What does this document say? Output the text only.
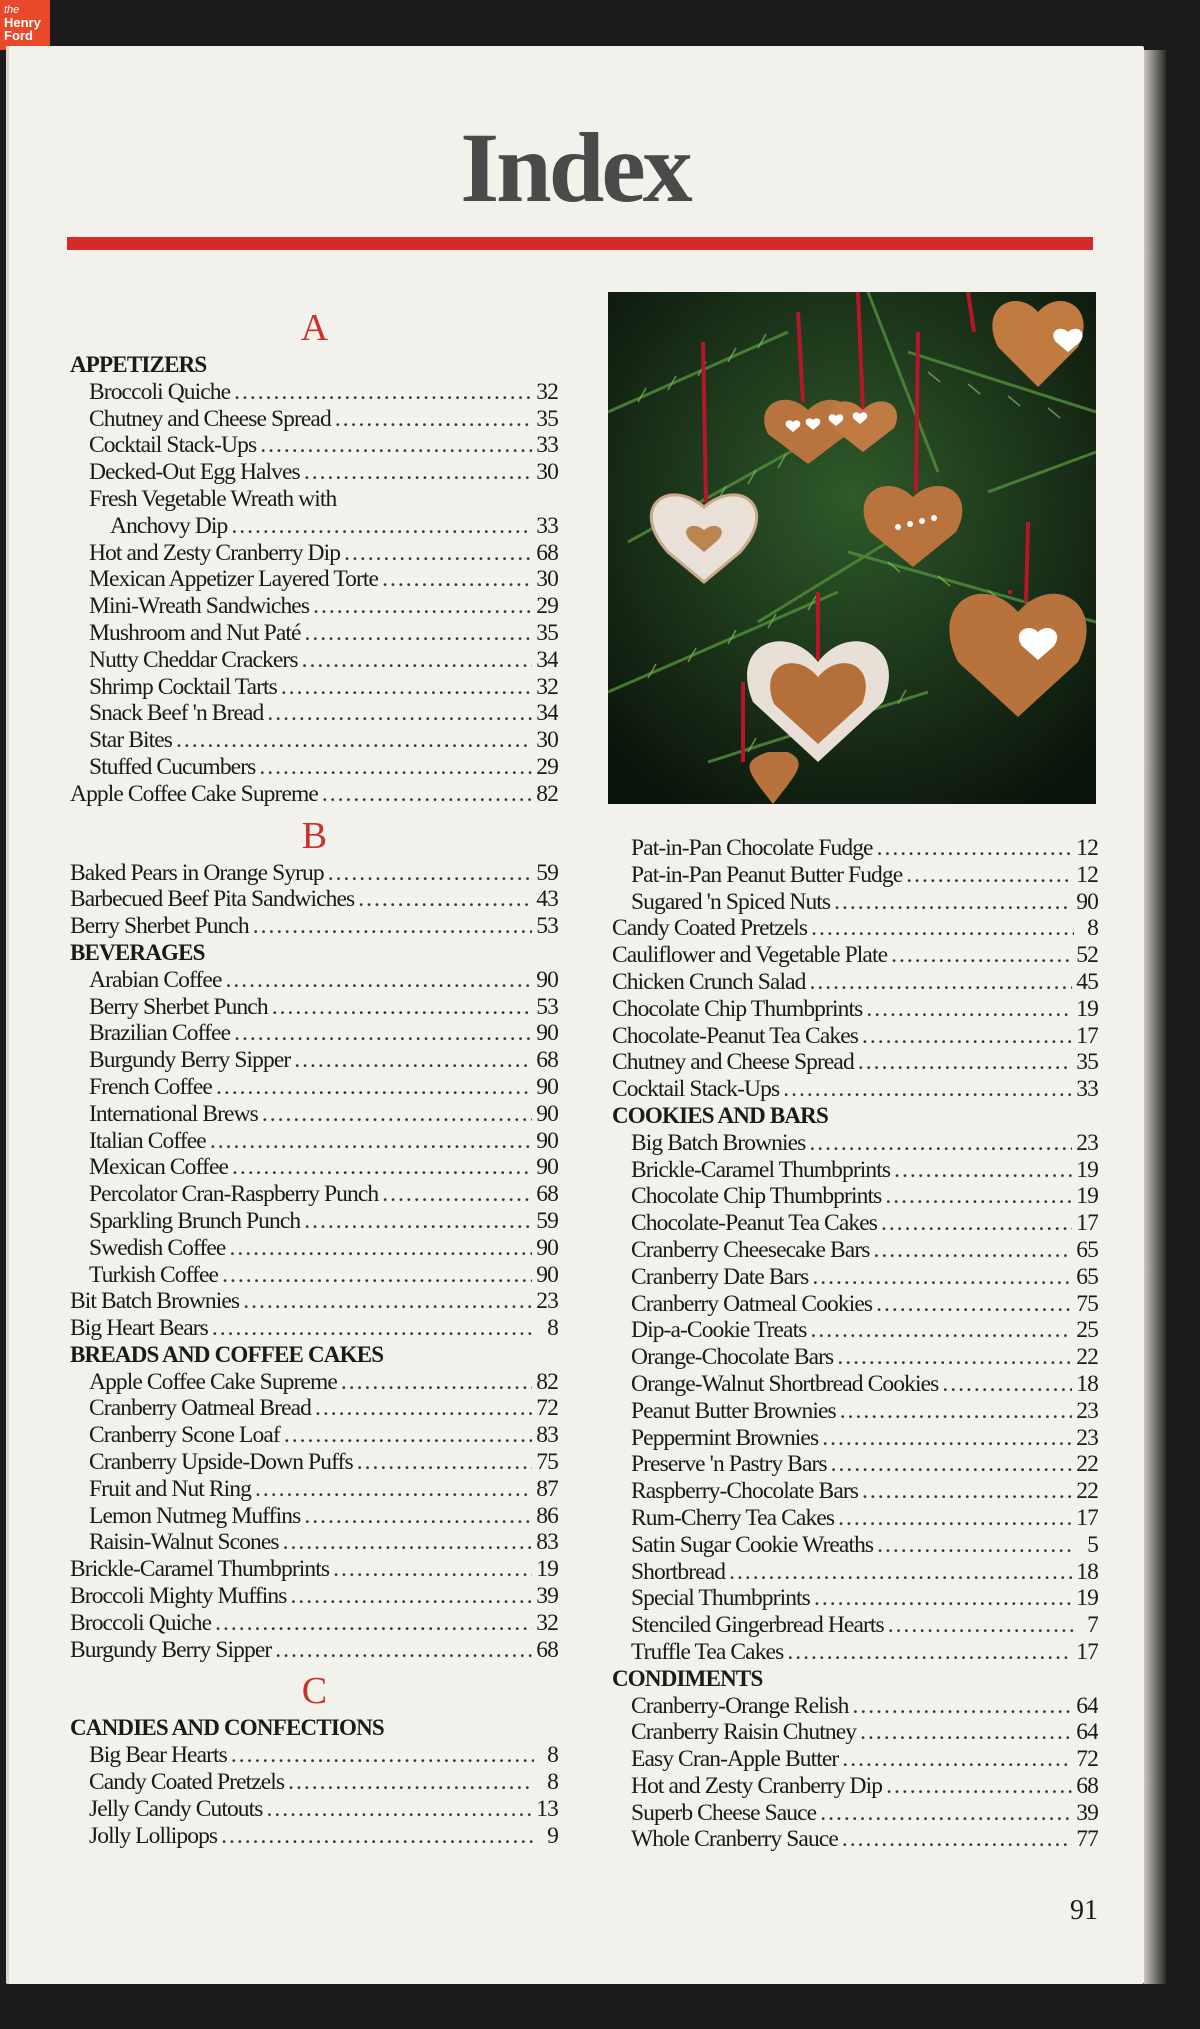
the
Henry
Ford
Index
A
APPETIZERS
Broccoli Quiche .....	32
Chutney and Cheese Spread .....	35
Cocktail Stack-Ups .....	33
Decked-Out Egg Halves .....	30
Fresh Vegetable Wreath with
Anchovy Dip .....	33
Hot and Zesty Cranberry Dip .....	68
Mexican Appetizer Layered Torte .....	30
Mini-Wreath Sandwiches .....	29
Mushroom and Nut Paté .....	35
Nutty Cheddar Crackers .....	34
Shrimp Cocktail Tarts .....	32
Snack Beef 'n Bread .....	34
Star Bites .....	30
Stuffed Cucumbers .....	29
Apple Coffee Cake Supreme .....	82
B
Baked Pears in Orange Syrup .....	59
Barbecued Beef Pita Sandwiches .....	43
Berry Sherbet Punch .....	53
BEVERAGES
Arabian Coffee .....	90
Berry Sherbet Punch .....	53
Brazilian Coffee .....	90
Burgundy Berry Sipper .....	68
French Coffee .....	90
International Brews .....	90
Italian Coffee .....	90
Mexican Coffee .....	90
Percolator Cran-Raspberry Punch .....	68
Sparkling Brunch Punch .....	59
Swedish Coffee .....	90
Turkish Coffee .....	90
Bit Batch Brownies .....	23
Big Heart Bears .....	8
BREADS AND COFFEE CAKES
Apple Coffee Cake Supreme .....	82
Cranberry Oatmeal Bread .....	72
Cranberry Scone Loaf .....	83
Cranberry Upside-Down Puffs .....	75
Fruit and Nut Ring .....	87
Lemon Nutmeg Muffins .....	86
Raisin-Walnut Scones .....	83
Brickle-Caramel Thumbprints .....	19
Broccoli Mighty Muffins .....	39
Broccoli Quiche .....	32
Burgundy Berry Sipper .....	68
C
CANDIES AND CONFECTIONS
Big Bear Hearts .....	8
Candy Coated Pretzels .....	8
Jelly Candy Cutouts .....	13
Jolly Lollipops .....	9
Pat-in-Pan Chocolate Fudge .....	12
Pat-in-Pan Peanut Butter Fudge .....	12
Sugared 'n Spiced Nuts .....	90
Candy Coated Pretzels .....	8
Cauliflower and Vegetable Plate .....	52
Chicken Crunch Salad .....	45
Chocolate Chip Thumbprints .....	19
Chocolate-Peanut Tea Cakes .....	17
Chutney and Cheese Spread .....	35
Cocktail Stack-Ups .....	33
COOKIES AND BARS
Big Batch Brownies .....	23
Brickle-Caramel Thumbprints .....	19
Chocolate Chip Thumbprints .....	19
Chocolate-Peanut Tea Cakes .....	17
Cranberry Cheesecake Bars .....	65
Cranberry Date Bars .....	65
Cranberry Oatmeal Cookies .....	75
Dip-a-Cookie Treats .....	25
Orange-Chocolate Bars .....	22
Orange-Walnut Shortbread Cookies .....	18
Peanut Butter Brownies .....	23
Peppermint Brownies .....	23
Preserve 'n Pastry Bars .....	22
Raspberry-Chocolate Bars .....	22
Rum-Cherry Tea Cakes .....	17
Satin Sugar Cookie Wreaths .....	5
Shortbread .....	18
Special Thumbprints .....	19
Stenciled Gingerbread Hearts .....	7
Truffle Tea Cakes .....	17
CONDIMENTS
Cranberry-Orange Relish .....	64
Cranberry Raisin Chutney .....	64
Easy Cran-Apple Butter .....	72
Hot and Zesty Cranberry Dip .....	68
Superb Cheese Sauce .....	39
Whole Cranberry Sauce .....	77
91
